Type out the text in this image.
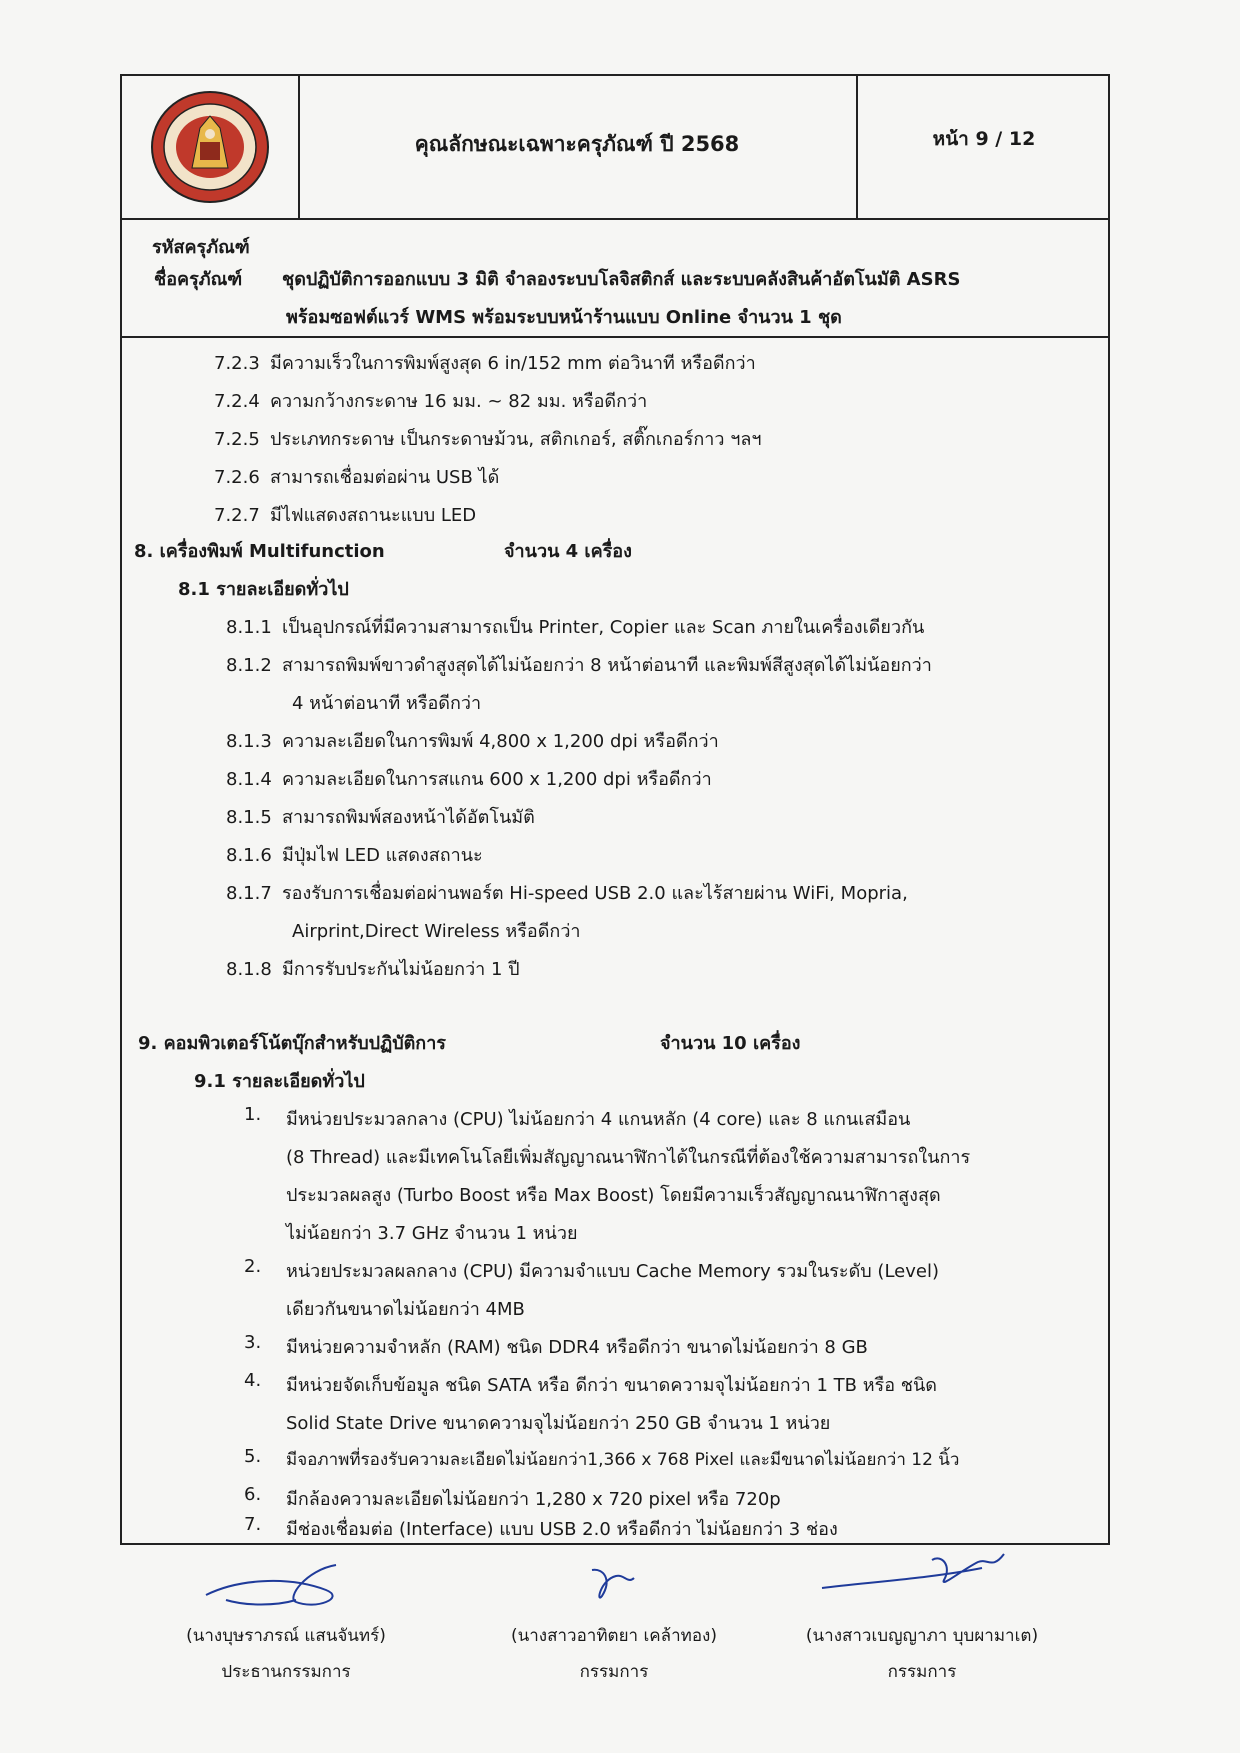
คุณลักษณะเฉพาะครุภัณฑ์ ปี 2568	หน้า 9 / 12
รหัสครุภัณฑ์
ชื่อครุภัณฑ์ ชุดปฏิบัติการออกแบบ 3 มิติ จำลองระบบโลจิสติกส์ และระบบคลังสินค้าอัตโนมัติ ASRS
พร้อมซอฟต์แวร์ WMS พร้อมระบบหน้าร้านแบบ Online จำนวน 1 ชุด
7.2.3 มีความเร็วในการพิมพ์สูงสุด 6 in/152 mm ต่อวินาที หรือดีกว่า
7.2.4 ความกว้างกระดาษ 16 มม. ~ 82 มม. หรือดีกว่า
7.2.5 ประเภทกระดาษ เป็นกระดาษม้วน, สติกเกอร์, สติ๊กเกอร์กาว ฯลฯ
7.2.6 สามารถเชื่อมต่อผ่าน USB ได้
7.2.7 มีไฟแสดงสถานะแบบ LED
8. เครื่องพิมพ์ Multifunction	จำนวน 4 เครื่อง
8.1 รายละเอียดทั่วไป
8.1.1 เป็นอุปกรณ์ที่มีความสามารถเป็น Printer, Copier และ Scan ภายในเครื่องเดียวกัน
8.1.2 สามารถพิมพ์ขาวดำสูงสุดได้ไม่น้อยกว่า 8 หน้าต่อนาที และพิมพ์สีสูงสุดได้ไม่น้อยกว่า
4 หน้าต่อนาที หรือดีกว่า
8.1.3 ความละเอียดในการพิมพ์ 4,800 x 1,200 dpi หรือดีกว่า
8.1.4 ความละเอียดในการสแกน 600 x 1,200 dpi หรือดีกว่า
8.1.5 สามารถพิมพ์สองหน้าได้อัตโนมัติ
8.1.6 มีปุ่มไฟ LED แสดงสถานะ
8.1.7 รองรับการเชื่อมต่อผ่านพอร์ต Hi-speed USB 2.0 และไร้สายผ่าน WiFi, Mopria,
Airprint,Direct Wireless หรือดีกว่า
8.1.8 มีการรับประกันไม่น้อยกว่า 1 ปี
9. คอมพิวเตอร์โน้ตบุ๊กสำหรับปฏิบัติการ	จำนวน 10 เครื่อง
9.1 รายละเอียดทั่วไป
1. มีหน่วยประมวลกลาง (CPU) ไม่น้อยกว่า 4 แกนหลัก (4 core) และ 8 แกนเสมือน
(8 Thread) และมีเทคโนโลยีเพิ่มสัญญาณนาฬิกาได้ในกรณีที่ต้องใช้ความสามารถในการ
ประมวลผลสูง (Turbo Boost หรือ Max Boost) โดยมีความเร็วสัญญาณนาฬิกาสูงสุด
ไม่น้อยกว่า 3.7 GHz จำนวน 1 หน่วย
2. หน่วยประมวลผลกลาง (CPU) มีความจำแบบ Cache Memory รวมในระดับ (Level)
เดียวกันขนาดไม่น้อยกว่า 4MB
3. มีหน่วยความจำหลัก (RAM) ชนิด DDR4 หรือดีกว่า ขนาดไม่น้อยกว่า 8 GB
4. มีหน่วยจัดเก็บข้อมูล ชนิด SATA หรือ ดีกว่า ขนาดความจุไม่น้อยกว่า 1 TB หรือ ชนิด
Solid State Drive ขนาดความจุไม่น้อยกว่า 250 GB จำนวน 1 หน่วย
5. มีจอภาพที่รองรับความละเอียดไม่น้อยกว่า1,366 x 768 Pixel และมีขนาดไม่น้อยกว่า 12 นิ้ว
6. มีกล้องความละเอียดไม่น้อยกว่า 1,280 x 720 pixel หรือ 720p
7. มีช่องเชื่อมต่อ (Interface) แบบ USB 2.0 หรือดีกว่า ไม่น้อยกว่า 3 ช่อง
(นางบุษราภรณ์ แสนจันทร์)
ประธานกรรมการ
(นางสาวอาทิตยา เคล้าทอง)
กรรมการ
(นางสาวเบญญาภา บุบผามาเต)
กรรมการ
